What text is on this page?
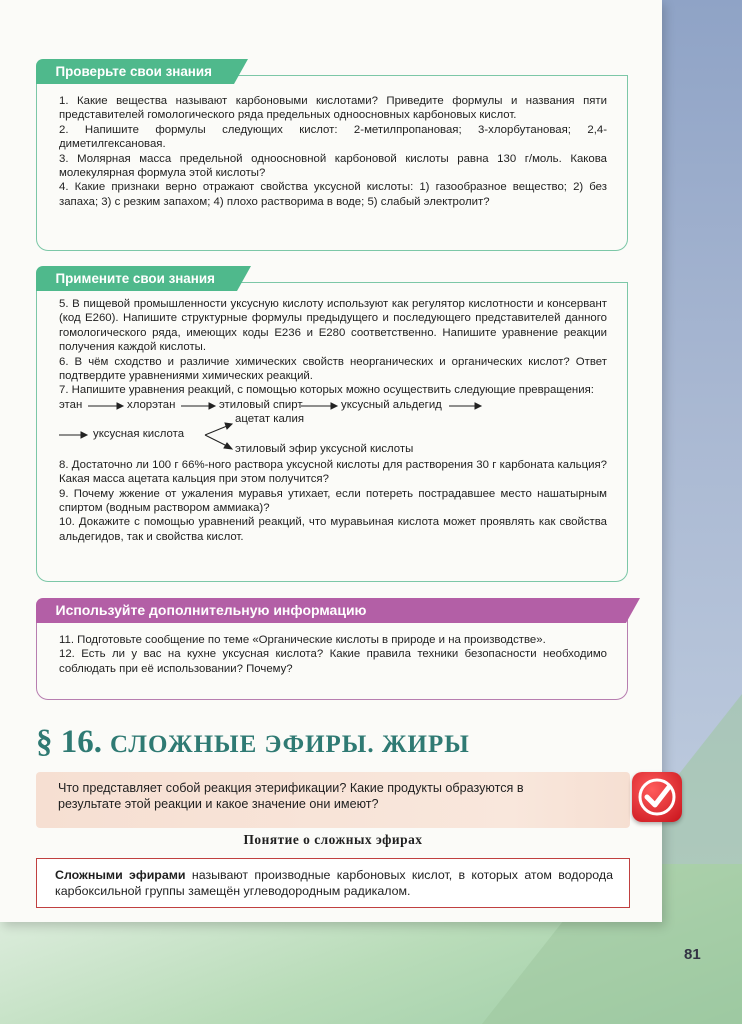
Проверьте свои знания

1. Какие вещества называют карбоновыми кислотами? Приведите формулы и названия пяти представителей гомологического ряда предельных одноосновных карбоновых кислот.

2. Напишите формулы следующих кислот: 2-метилпропановая; 3-хлорбутановая; 2,4-диметилгексановая.

3. Молярная масса предельной одноосновной карбоновой кислоты равна 130 г/моль. Какова молекулярная формула этой кислоты?

4. Какие признаки верно отражают свойства уксусной кислоты: 1) газообразное вещество; 2) без запаха; 3) с резким запахом; 4) плохо растворима в воде; 5) слабый электролит?

Примените свои знания

5. В пищевой промышленности уксусную кислоту используют как регулятор кислотности и консервант (код Е260). Напишите структурные формулы предыдущего и последующего представителей данного гомологического ряда, имеющих коды Е236 и Е280 соответственно. Напишите уравнение реакции получения каждой кислоты.

6. В чём сходство и различие химических свойств неорганических и органических кислот? Ответ подтвердите уравнениями химических реакций.

7. Напишите уравнения реакций, с помощью которых можно осуществить следующие превращения:

этан	хлорэтан	этиловый спирт	уксусный альдегид
уксусная кислота
ацетат калия
этиловый эфир уксусной кислоты

8. Достаточно ли 100 г 66%-ного раствора уксусной кислоты для растворения 30 г карбоната кальция? Какая масса ацетата кальция при этом получится?

9. Почему жжение от ужаления муравья утихает, если потереть пострадавшее место нашатырным спиртом (водным раствором аммиака)?

10. Докажите с помощью уравнений реакций, что муравьиная кислота может проявлять как свойства альдегидов, так и свойства кислот.

Используйте дополнительную информацию

11. Подготовьте сообщение по теме «Органические кислоты в природе и на производстве».

12. Есть ли у вас на кухне уксусная кислота? Какие правила техники безопасности необходимо соблюдать при её использовании? Почему?

§ 16. СЛОЖНЫЕ ЭФИРЫ. ЖИРЫ
Что представляет собой реакция этерификации? Какие продукты образуются в результате этой реакции и какое значение они имеют?
Понятие о сложных эфирах
Сложными эфирами называют производные карбоновых кислот, в которых атом водорода карбоксильной группы замещён углеводородным радикалом.
81
